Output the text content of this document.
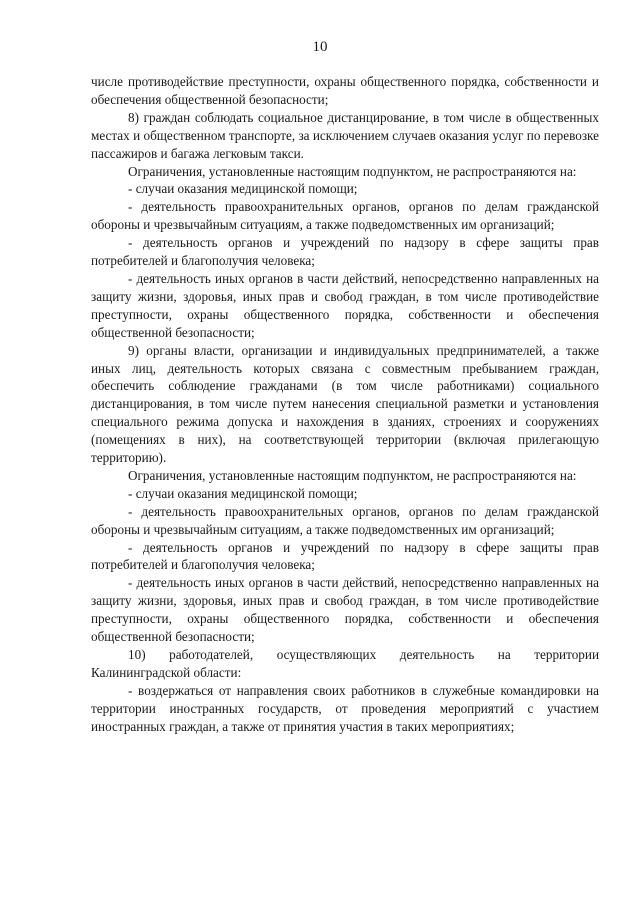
10

числе противодействие преступности, охраны общественного порядка, собственности и обеспечения общественной безопасности;

8) граждан соблюдать социальное дистанцирование, в том числе в общественных местах и общественном транспорте, за исключением случаев оказания услуг по перевозке пассажиров и багажа легковым такси.

Ограничения, установленные настоящим подпунктом, не распространяются на:

- случаи оказания медицинской помощи;

- деятельность правоохранительных органов, органов по делам гражданской обороны и чрезвычайным ситуациям, а также подведомственных им организаций;

- деятельность органов и учреждений по надзору в сфере защиты прав потребителей и благополучия человека;

- деятельность иных органов в части действий, непосредственно направленных на защиту жизни, здоровья, иных прав и свобод граждан, в том числе противодействие преступности, охраны общественного порядка, собственности и обеспечения общественной безопасности;

9) органы власти, организации и индивидуальных предпринимателей, а также иных лиц, деятельность которых связана с совместным пребыванием граждан, обеспечить соблюдение гражданами (в том числе работниками) социального дистанцирования, в том числе путем нанесения специальной разметки и установления специального режима допуска и нахождения в зданиях, строениях и сооружениях (помещениях в них), на соответствующей территории (включая прилегающую территорию).

Ограничения, установленные настоящим подпунктом, не распространяются на:

- случаи оказания медицинской помощи;

- деятельность правоохранительных органов, органов по делам гражданской обороны и чрезвычайным ситуациям, а также подведомственных им организаций;

- деятельность органов и учреждений по надзору в сфере защиты прав потребителей и благополучия человека;

- деятельность иных органов в части действий, непосредственно направленных на защиту жизни, здоровья, иных прав и свобод граждан, в том числе противодействие преступности, охраны общественного порядка, собственности и обеспечения общественной безопасности;

10) работодателей, осуществляющих деятельность на территории Калининградской области:

- воздержаться от направления своих работников в служебные командировки на территории иностранных государств, от проведения мероприятий с участием иностранных граждан, а также от принятия участия в таких мероприятиях;
